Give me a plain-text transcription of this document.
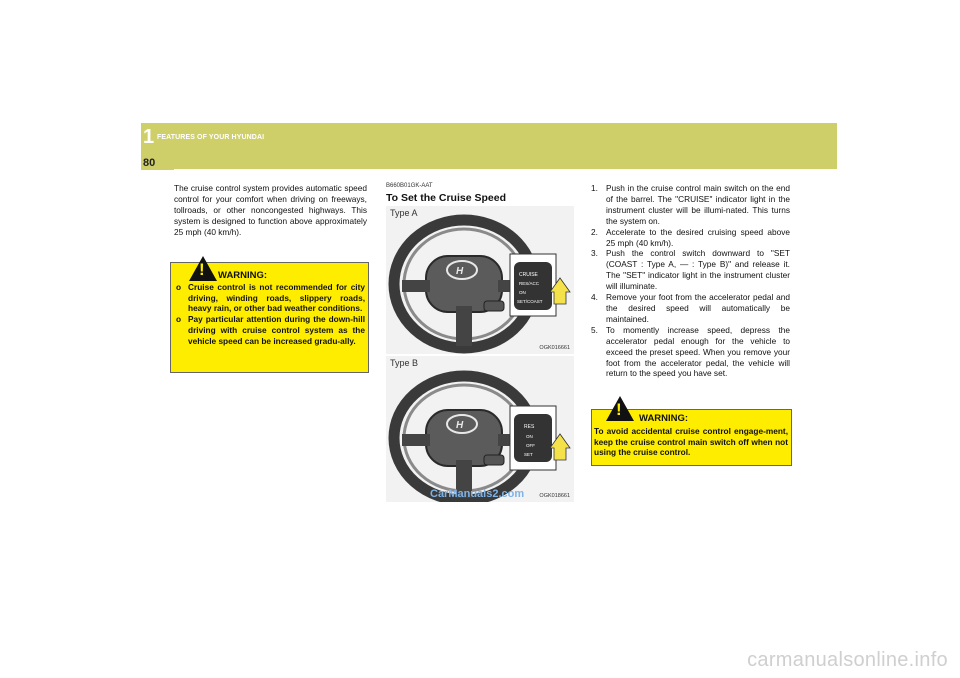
1 FEATURES OF YOUR HYUNDAI
80
The cruise control system provides automatic speed control for your comfort when driving on freeways, tollroads, or other noncongested highways. This system is designed to function above approximately 25 mph (40 km/h).
! WARNING:
o Cruise control is not recommended for city driving, winding roads, slippery roads, heavy rain, or other bad weather conditions.
o Pay particular attention during the down-hill driving with cruise control system as the vehicle speed can be increased gradu-ally.
B660B01GK-AAT
To Set the Cruise Speed
H	CRUISE
RES/ACC
ON
SET/COAST
Type A
OGK016661
H	RES
ON
OFF
SET
Type B
OGK018661
CarManuals2.com
1. Push in the cruise control main switch on the end of the barrel. The "CRUISE" indicator light in the instrument cluster will be illumi-nated. This turns the system on.
2. Accelerate to the desired cruising speed above 25 mph (40 km/h).
3. Push the control switch downward to "SET (COAST : Type A, — : Type B)" and release it. The "SET" indicator light in the instrument cluster will illuminate.
4. Remove your foot from the accelerator pedal and the desired speed will automatically be maintained.
5. To momently increase speed, depress the accelerator pedal enough for the vehicle to exceed the preset speed. When you remove your foot from the accelerator pedal, the vehicle will return to the speed you have set.
! WARNING:
To avoid accidental cruise control engage-ment, keep the cruise control main switch off when not using the cruise control.
carmanualsonline.info
